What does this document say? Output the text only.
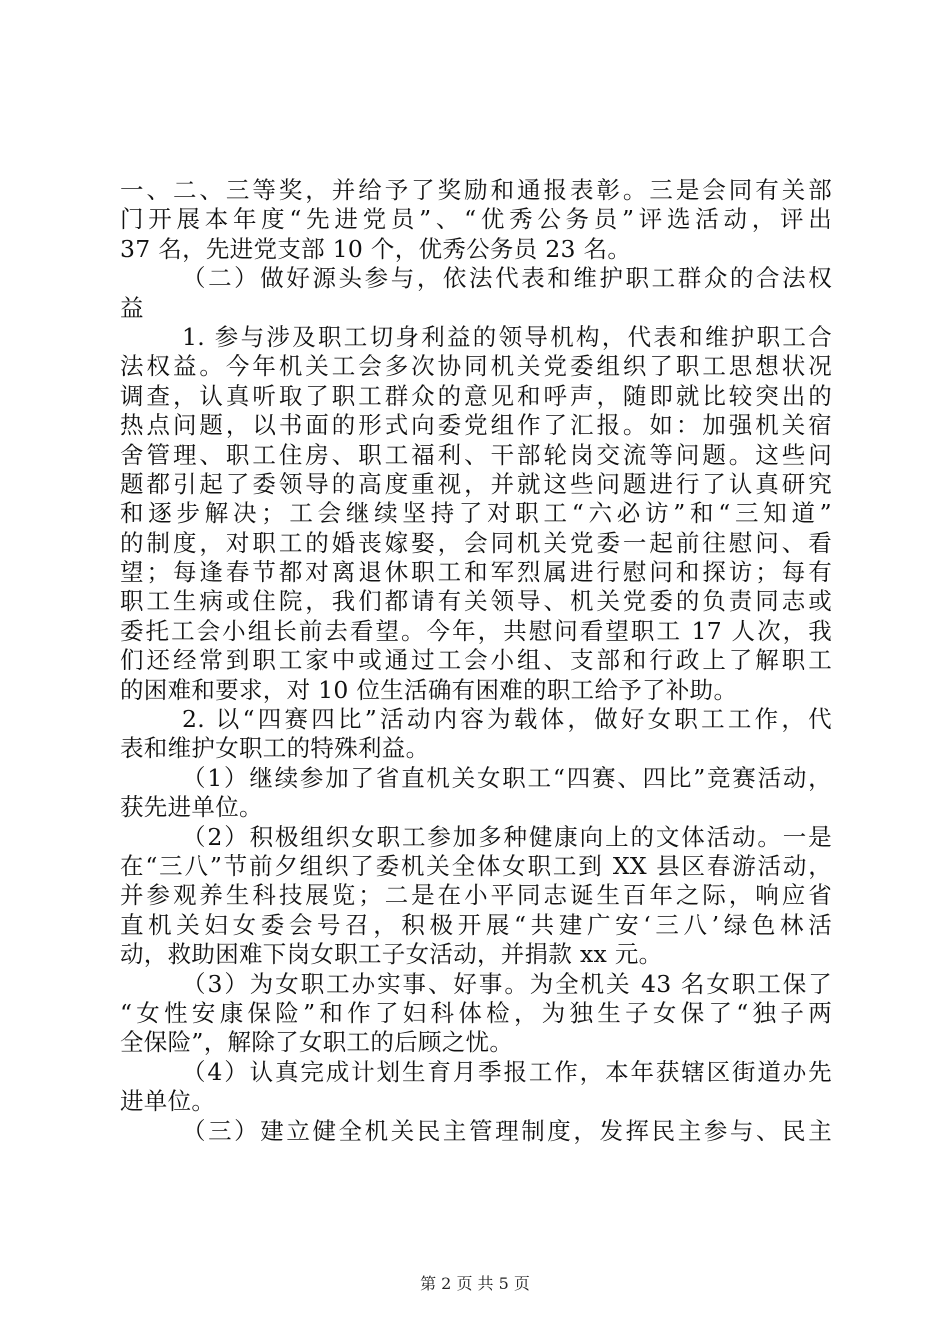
一、二、三等奖，并给予了奖励和通报表彰。三是会同有关部
门开展本年度“先进党员”、“优秀公务员”评选活动，评出
37 名，先进党支部 10 个，优秀公务员 23 名。
（二）做好源头参与，依法代表和维护职工群众的合法权
益
1. 参与涉及职工切身利益的领导机构，代表和维护职工合
法权益。今年机关工会多次协同机关党委组织了职工思想状况
调查，认真听取了职工群众的意见和呼声，随即就比较突出的
热点问题，以书面的形式向委党组作了汇报。如：加强机关宿
舍管理、职工住房、职工福利、干部轮岗交流等问题。这些问
题都引起了委领导的高度重视，并就这些问题进行了认真研究
和逐步解决；工会继续坚持了对职工“六必访”和“三知道”
的制度，对职工的婚丧嫁娶，会同机关党委一起前往慰问、看
望；每逢春节都对离退休职工和军烈属进行慰问和探访；每有
职工生病或住院，我们都请有关领导、机关党委的负责同志或
委托工会小组长前去看望。今年，共慰问看望职工 17 人次，我
们还经常到职工家中或通过工会小组、支部和行政上了解职工
的困难和要求，对 10 位生活确有困难的职工给予了补助。
2. 以“四赛四比”活动内容为载体，做好女职工工作，代
表和维护女职工的特殊利益。
（1）继续参加了省直机关女职工“四赛、四比”竞赛活动，
获先进单位。
（2）积极组织女职工参加多种健康向上的文体活动。一是
在“三八”节前夕组织了委机关全体女职工到 XX 县区春游活动，
并参观养生科技展览；二是在小平同志诞生百年之际，响应省
直机关妇女委会号召，积极开展“共建广安‘三八’绿色林活
动，救助困难下岗女职工子女活动，并捐款 xx 元。
（3）为女职工办实事、好事。为全机关 43 名女职工保了
“女性安康保险”和作了妇科体检，为独生子女保了“独子两
全保险”，解除了女职工的后顾之忧。
（4）认真完成计划生育月季报工作，本年获辖区街道办先
进单位。
（三）建立健全机关民主管理制度，发挥民主参与、民主
第 2 页 共 5 页
